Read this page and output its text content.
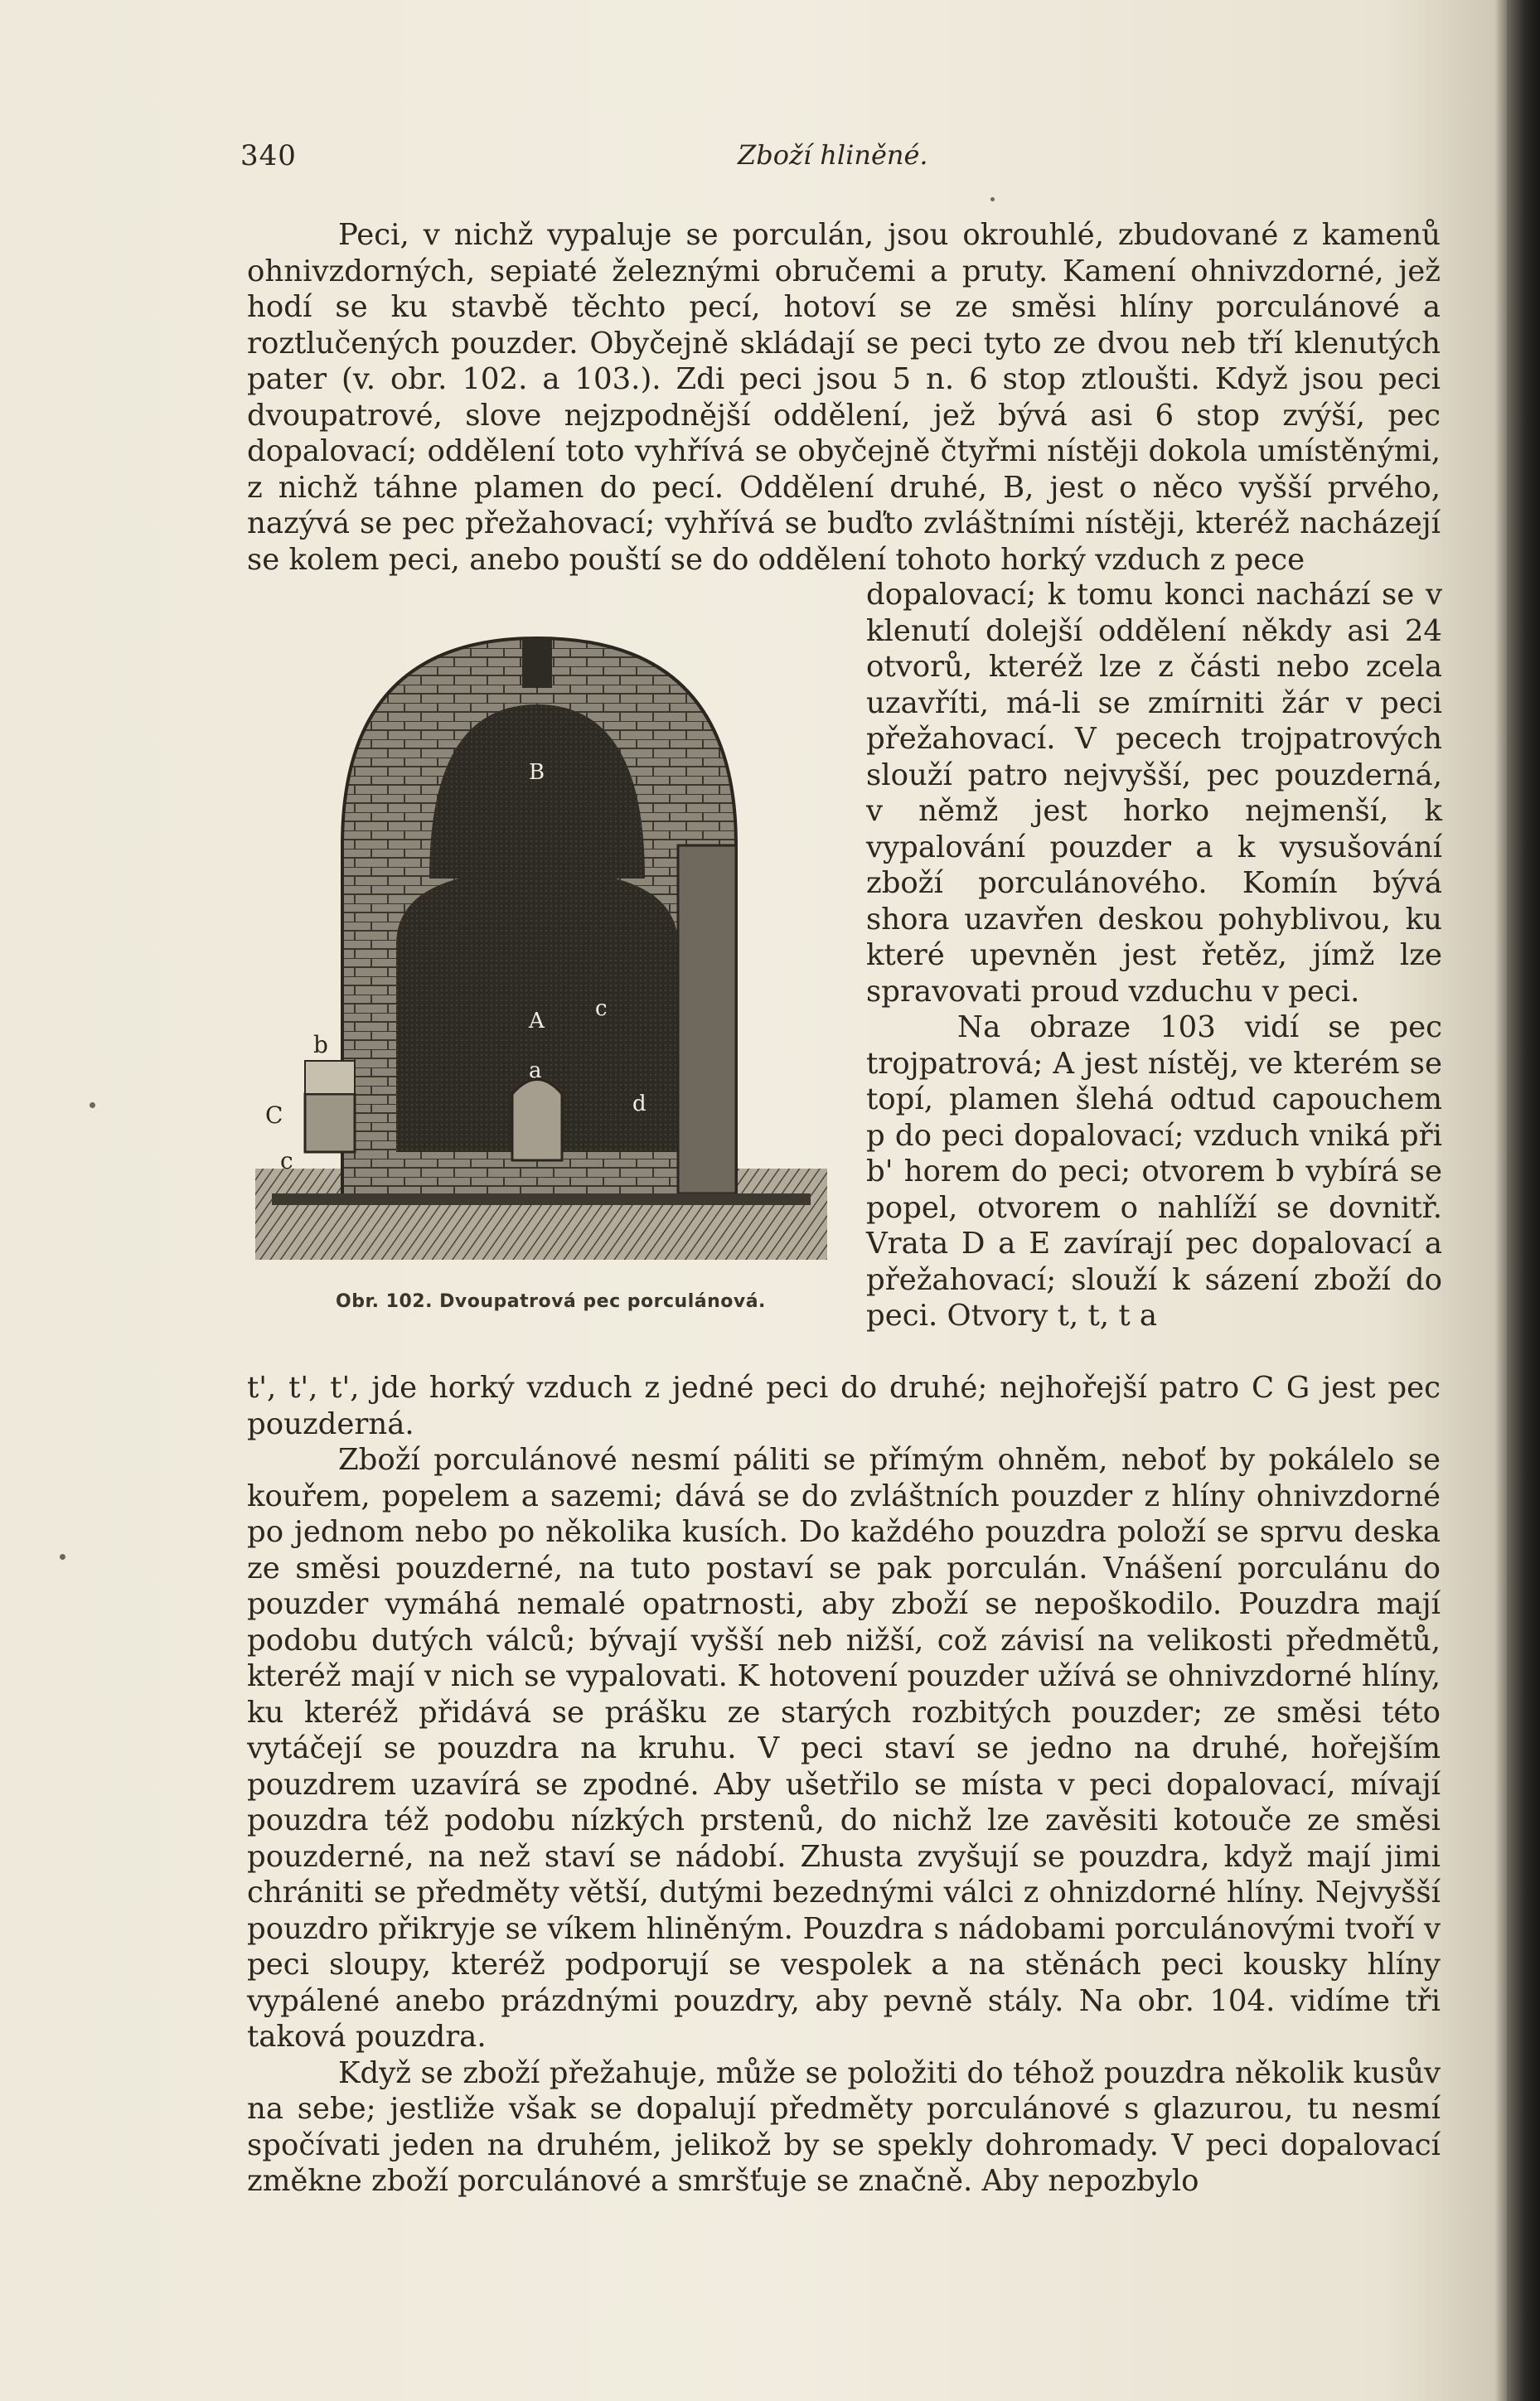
340	Zboží hliněné.

Peci, v nichž vypaluje se porculán, jsou okrouhlé, zbudované z kamenů ohnivzdorných, sepiaté železnými obručemi a pruty. Kamení ohnivzdorné, jež hodí se ku stavbě těchto pecí, hotoví se ze směsi hlíny porculánové a roztlučených pouzder. Obyčejně skládají se peci tyto ze dvou neb tří klenutých pater (v. obr. 102. a 103.). Zdi peci jsou 5 n. 6 stop ztloušti. Když jsou peci dvoupatrové, slove nejzpodnější oddělení, jež bývá asi 6 stop zvýší, pec dopalovací; oddělení toto vyhřívá se obyčejně čtyřmi nístěji dokola umístěnými, z nichž táhne plamen do pecí. Oddělení druhé, B, jest o něco vyšší prvého, nazývá se pec přežahovací; vyhřívá se buďto zvláštními nístěji, kteréž nacházejí se kolem peci, anebo pouští se do oddělení tohoto horký vzduch z pece

B
A
a
c
d
b
C
c
Obr. 102. Dvoupatrová pec porculánová.

dopalovací; k tomu konci nachází se v klenutí dolejší oddělení někdy asi 24 otvorů, kteréž lze z části nebo zcela uzavříti, má-li se zmírniti žár v peci přežahovací. V pecech trojpatrových slouží patro nejvyšší, pec pouzderná, v němž jest horko nejmenší, k vypalování pouzder a k vysušování zboží porculánového. Komín bývá shora uzavřen deskou pohyblivou, ku které upevněn jest řetěz, jímž lze spravovati proud vzduchu v peci.

Na obraze 103 vidí se pec trojpatrová; A jest nístěj, ve kterém se topí, plamen šlehá odtud capouchem p do peci dopalovací; vzduch vniká při b' horem do peci; otvorem b vybírá se popel, otvorem o nahlíží se dovnitř. Vrata D a E zavírají pec dopalovací a přežahovací; slouží k sázení zboží do peci. Otvory t, t, t a

t', t', t', jde horký vzduch z jedné peci do druhé; nejhořejší patro C G jest pec pouzderná.

Zboží porculánové nesmí páliti se přímým ohněm, neboť by pokálelo se kouřem, popelem a sazemi; dává se do zvláštních pouzder z hlíny ohnivzdorné po jednom nebo po několika kusích. Do každého pouzdra položí se sprvu deska ze směsi pouzderné, na tuto postaví se pak porculán. Vnášení porculánu do pouzder vymáhá nemalé opatrnosti, aby zboží se nepoškodilo. Pouzdra mají podobu dutých válců; bývají vyšší neb nižší, což závisí na velikosti předmětů, kteréž mají v nich se vypalovati. K hotovení pouzder užívá se ohnivzdorné hlíny, ku kteréž přidává se prášku ze starých rozbitých pouzder; ze směsi této vytáčejí se pouzdra na kruhu. V peci staví se jedno na druhé, hořejším pouzdrem uzavírá se zpodné. Aby ušetřilo se místa v peci dopalovací, mívají pouzdra též podobu nízkých prstenů, do nichž lze zavěsiti kotouče ze směsi pouzderné, na než staví se nádobí. Zhusta zvyšují se pouzdra, když mají jimi chrániti se předměty větší, dutými bezednými válci z ohnizdorné hlíny. Nejvyšší pouzdro přikryje se víkem hliněným. Pouzdra s nádobami porculánovými tvoří v peci sloupy, kteréž podporují se vespolek a na stěnách peci kousky hlíny vypálené anebo prázdnými pouzdry, aby pevně stály. Na obr. 104. vidíme tři taková pouzdra.

Když se zboží přežahuje, může se položiti do téhož pouzdra několik kusův na sebe; jestliže však se dopalují předměty porculánové s glazurou, tu nesmí spočívati jeden na druhém, jelikož by se spekly dohromady. V peci dopalovací změkne zboží porculánové a smršťuje se značně. Aby nepozbylo
